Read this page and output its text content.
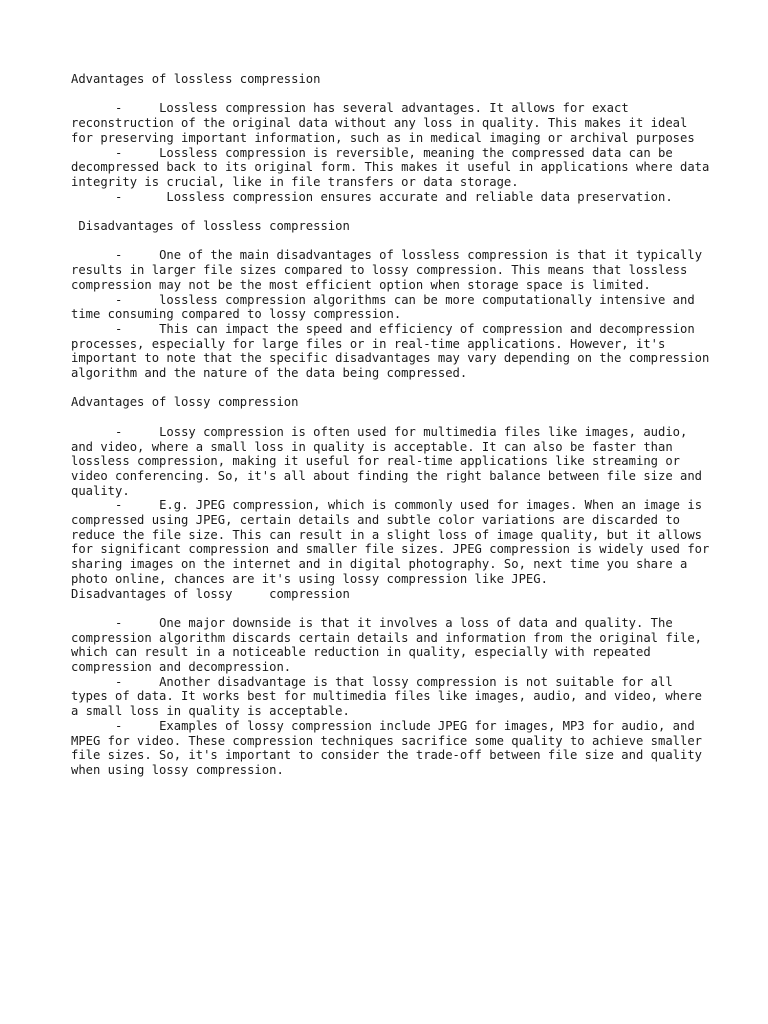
Advantages of lossless compression
-     Lossless compression has several advantages. It allows for exact reconstruction of the original data without any loss in quality. This makes it ideal for preserving important information, such as in medical imaging or archival purposes
-     Lossless compression is reversible, meaning the compressed data can be decompressed back to its original form. This makes it useful in applications where data integrity is crucial, like in file transfers or data storage.
-      Lossless compression ensures accurate and reliable data preservation.
Disadvantages of lossless compression
-     One of the main disadvantages of lossless compression is that it typically results in larger file sizes compared to lossy compression. This means that lossless compression may not be the most efficient option when storage space is limited.
-     lossless compression algorithms can be more computationally intensive and time consuming compared to lossy compression.
-     This can impact the speed and efficiency of compression and decompression processes, especially for large files or in real-time applications. However, it's important to note that the specific disadvantages may vary depending on the compression algorithm and the nature of the data being compressed.
Advantages of lossy compression
-     Lossy compression is often used for multimedia files like images, audio, and video, where a small loss in quality is acceptable. It can also be faster than lossless compression, making it useful for real-time applications like streaming or video conferencing. So, it's all about finding the right balance between file size and quality.
-     E.g. JPEG compression, which is commonly used for images. When an image is compressed using JPEG, certain details and subtle color variations are discarded to reduce the file size. This can result in a slight loss of image quality, but it allows for significant compression and smaller file sizes. JPEG compression is widely used for sharing images on the internet and in digital photography. So, next time you share a photo online, chances are it's using lossy compression like JPEG.
Disadvantages of lossy     compression
-     One major downside is that it involves a loss of data and quality. The compression algorithm discards certain details and information from the original file, which can result in a noticeable reduction in quality, especially with repeated compression and decompression.
-     Another disadvantage is that lossy compression is not suitable for all types of data. It works best for multimedia files like images, audio, and video, where a small loss in quality is acceptable.
-     Examples of lossy compression include JPEG for images, MP3 for audio, and MPEG for video. These compression techniques sacrifice some quality to achieve smaller file sizes. So, it's important to consider the trade-off between file size and quality when using lossy compression.
